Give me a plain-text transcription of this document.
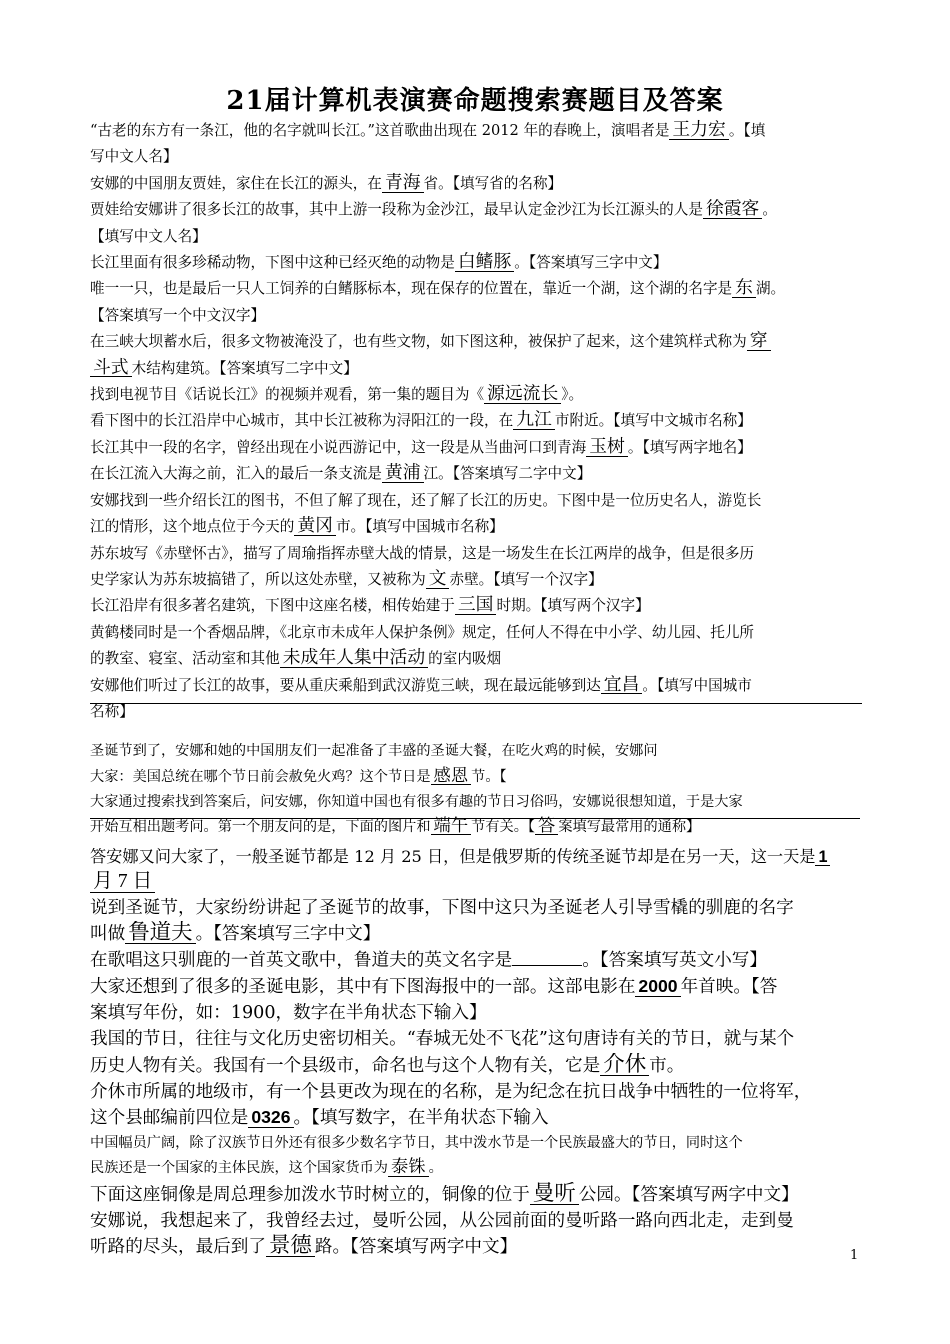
21届计算机表演赛命题搜索赛题目及答案
“古老的东方有一条江，他的名字就叫长江。”这首歌曲出现在 2012 年的春晚上，演唱者是 王力宏 。【填
写中文人名】
安娜的中国朋友贾娃，家住在长江的源头，在 青海 省。【填写省的名称】
贾娃给安娜讲了很多长江的故事，其中上游一段称为金沙江，最早认定金沙江为长江源头的人是 徐霞客 。
【填写中文人名】
长江里面有很多珍稀动物，下图中这种已经灭绝的动物是 白鳍豚 。【答案填写三字中文】
唯一一只，也是最后一只人工饲养的白鳍豚标本，现在保存的位置在，靠近一个湖，这个湖的名字是 东 湖。
【答案填写一个中文汉字】
在三峡大坝蓄水后，很多文物被淹没了，也有些文物，如下图这种，被保护了起来，这个建筑样式称为 穿
斗式 木结构建筑。【答案填写二字中文】
找到电视节目《话说长江》的视频并观看，第一集的题目为《 源远流长 》。
看下图中的长江沿岸中心城市，其中长江被称为浔阳江的一段，在 九江 市附近。【填写中文城市名称】
长江其中一段的名字，曾经出现在小说西游记中，这一段是从当曲河口到青海 玉树 。【填写两字地名】
在长江流入大海之前，汇入的最后一条支流是 黄浦 江。【答案填写二字中文】
安娜找到一些介绍长江的图书，不但了解了现在，还了解了长江的历史。下图中是一位历史名人，游览长
江的情形，这个地点位于今天的 黄冈 市。【填写中国城市名称】
苏东坡写《赤壁怀古》，描写了周瑜指挥赤壁大战的情景，这是一场发生在长江两岸的战争，但是很多历
史学家认为苏东坡搞错了，所以这处赤壁，又被称为 文 赤壁。【填写一个汉字】
长江沿岸有很多著名建筑，下图中这座名楼，相传始建于 三国 时期。【填写两个汉字】
黄鹤楼同时是一个香烟品牌，《北京市未成年人保护条例》规定，任何人不得在中小学、幼儿园、托儿所
的教室、寝室、活动室和其他 未成年人集中活动 的室内吸烟
安娜他们听过了长江的故事，要从重庆乘船到武汉游览三峡，现在最远能够到达 宜昌 。【填写中国城市
名称】
圣诞节到了，安娜和她的中国朋友们一起准备了丰盛的圣诞大餐，在吃火鸡的时候，安娜问
大家：美国总统在哪个节日前会赦免火鸡？这个节日是 感恩 节。【
大家通过搜索找到答案后，问安娜，你知道中国也有很多有趣的节日习俗吗，安娜说很想知道，于是大家
开始互相出题考问。第一个朋友问的是，下面的图片和 端午 节有关。【 答 案填写最常用的通称】
答安娜又问大家了，一般圣诞节都是 12 月 25 日，但是俄罗斯的传统圣诞节却是在另一天，这一天是 1
月 7 日
说到圣诞节，大家纷纷讲起了圣诞节的故事，下图中这只为圣诞老人引导雪橇的驯鹿的名字
叫做 鲁道夫 。【答案填写三字中文】
在歌唱这只驯鹿的一首英文歌中，鲁道夫的英文名字是	。【答案填写英文小写】
大家还想到了很多的圣诞电影，其中有下图海报中的一部。这部电影在 2000 年首映。【答
案填写年份，如：1900，数字在半角状态下输入】
我国的节日，往往与文化历史密切相关。“春城无处不飞花”这句唐诗有关的节日，就与某个
历史人物有关。我国有一个县级市，命名也与这个人物有关，它是 介休 市。
介休市所属的地级市，有一个县更改为现在的名称，是为纪念在抗日战争中牺牲的一位将军，
这个县邮编前四位是 0326 。【填写数字，在半角状态下输入
中国幅员广阔，除了汉族节日外还有很多少数名字节日，其中泼水节是一个民族最盛大的节日，同时这个
民族还是一个国家的主体民族，这个国家货币为 泰铢 。
下面这座铜像是周总理参加泼水节时树立的，铜像的位于 曼听 公园。【答案填写两字中文】
安娜说，我想起来了，我曾经去过，曼听公园，从公园前面的曼听路一路向西北走，走到曼
听路的尽头，最后到了 景德 路。【答案填写两字中文】	1
